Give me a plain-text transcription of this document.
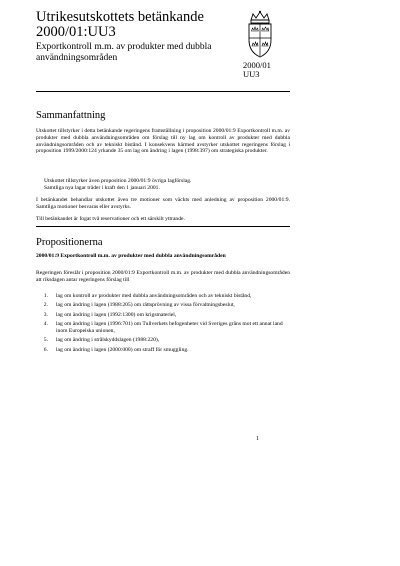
Utrikesutskottets betänkande
2000/01:UU3
Exportkontroll m.m. av produkter med dubbla användningsområden
2000/01
UU3
Sammanfattning
Utskottet tillstyrker i detta betänkande regeringens framställning i proposition 2000/01:9 Exportkontroll m.m. av produkter med dubbla användningsområden om förslag till ny lag om kontroll av produkter med dubbla användningsområden och av tekniskt bistånd. I konsekvens härmed avstyrker utskottet regeringens förslag i proposition 1999/2000:124 yrkande 35 om lag om ändring i lagen (1998:397) om strategiska produkter.
Utskottet tillstyrker även proposition 2000/01:9 övriga lagförslag.
Samtliga nya lagar träder i kraft den 1 januari 2001.
I betänkandet behandlar utskottet även tre motioner som väckts med anledning av proposition 2000/01:9. Samtliga motioner besvaras eller avstyrks.
Till betänkandet är fogat två reservationer och ett särskilt yttrande.
Propositionerna
2000/01:9 Exportkontroll m.m. av produkter med dubbla användningsområden
Regeringen föreslår i proposition 2000/01:9 Exportkontroll m.m. av produkter med dubbla användningsområden att riksdagen antar regeringens förslag till
1.	lag om kontroll av produkter med dubbla användningsområden och av tekniskt bistånd,
2.	lag om ändring i lagen (1988:205) om rättsprövning av vissa förvaltningsbeslut,
3.	lag om ändring i lagen (1992:1300) om krigsmateriel,
4.	lag om ändring i lagen (1996:701) om Tullverkets befogenheter vid Sveriges gräns mot ett annat land inom Europeiska unionen,
5.	lag om ändring i strålskyddslagen (1988:220),
6.	lag om ändring i lagen (2000:000) om straff för smuggling.
1
